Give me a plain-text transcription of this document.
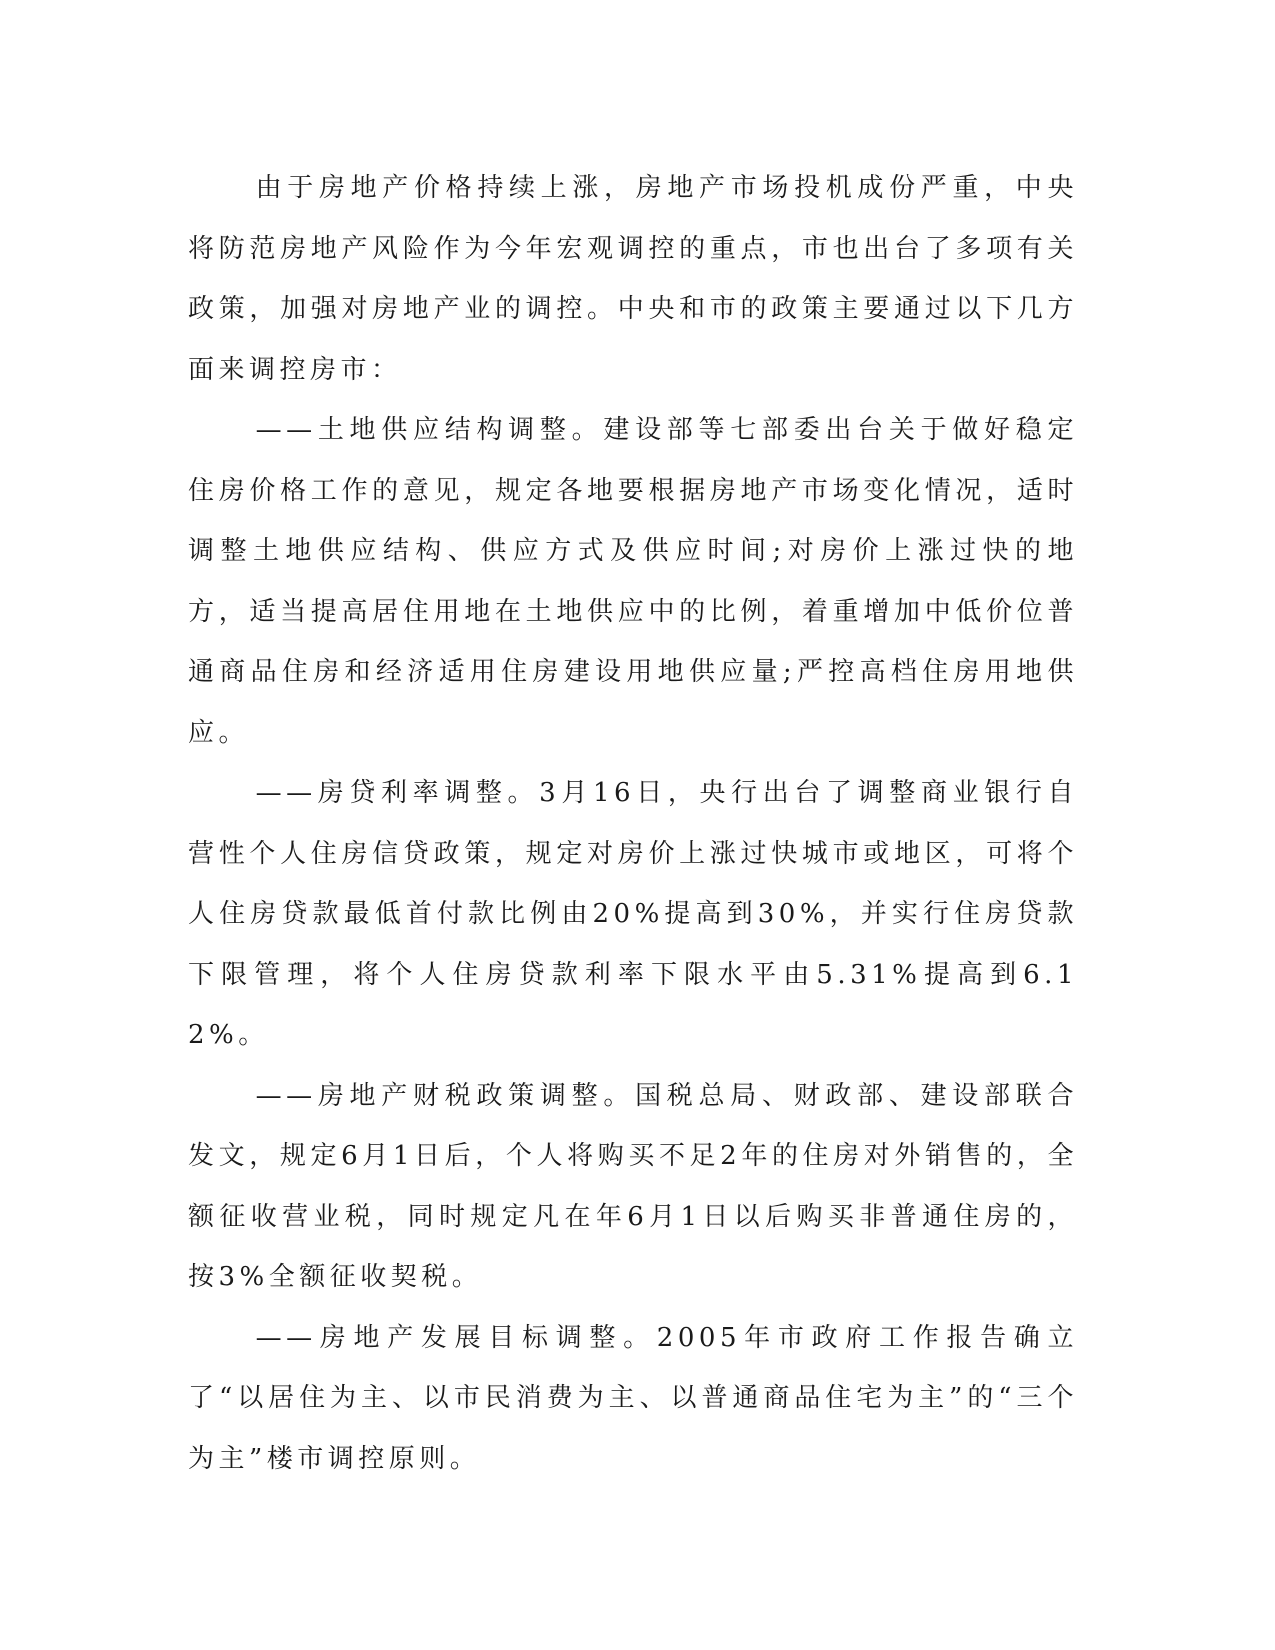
由于房地产价格持续上涨，房地产市场投机成份严重，中央将防范房地产风险作为今年宏观调控的重点，市也出台了多项有关政策，加强对房地产业的调控。中央和市的政策主要通过以下几方面来调控房市：

——土地供应结构调整。建设部等七部委出台关于做好稳定住房价格工作的意见，规定各地要根据房地产市场变化情况，适时调整土地供应结构、供应方式及供应时间;对房价上涨过快的地方，适当提高居住用地在土地供应中的比例，着重增加中低价位普通商品住房和经济适用住房建设用地供应量;严控高档住房用地供应。

——房贷利率调整。3月16日，央行出台了调整商业银行自营性个人住房信贷政策，规定对房价上涨过快城市或地区，可将个人住房贷款最低首付款比例由20%提高到30%，并实行住房贷款下限管理，将个人住房贷款利率下限水平由5.31%提高到6.12%。

——房地产财税政策调整。国税总局、财政部、建设部联合发文，规定6月1日后，个人将购买不足2年的住房对外销售的，全额征收营业税，同时规定凡在年6月1日以后购买非普通住房的，按3%全额征收契税。

——房地产发展目标调整。2005年市政府工作报告确立了“以居住为主、以市民消费为主、以普通商品住宅为主”的“三个为主”楼市调控原则。
